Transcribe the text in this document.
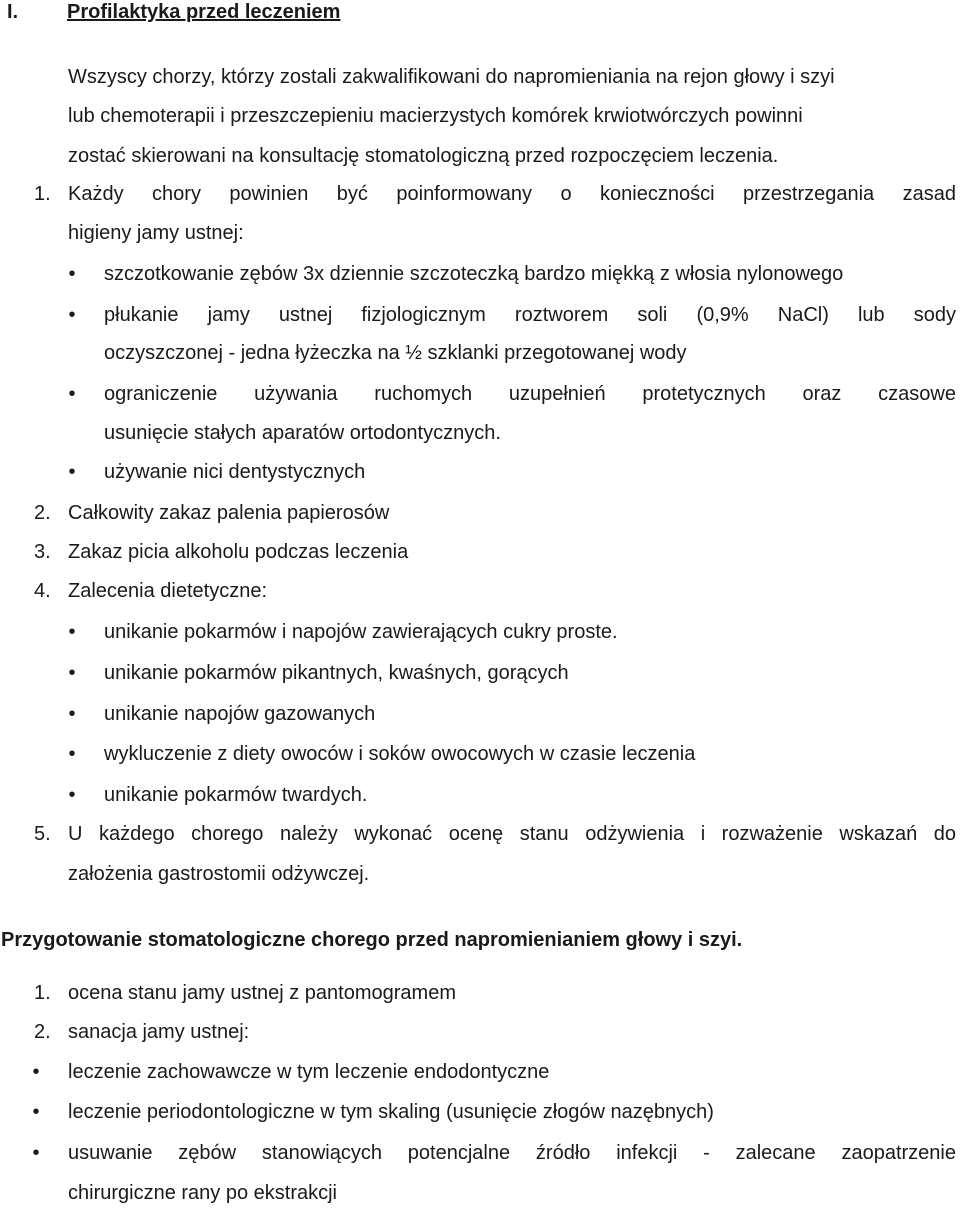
I. Profilaktyka przed leczeniem
Wszyscy chorzy, którzy zostali zakwalifikowani do napromieniania na rejon głowy i szyi
lub chemoterapii i przeszczepieniu macierzystych komórek krwiotwórczych powinni
zostać skierowani na konsultację stomatologiczną przed rozpoczęciem leczenia.
1. Każdy chory powinien być poinformowany o konieczności przestrzegania zasad
higieny jamy ustnej:
• szczotkowanie zębów 3x dziennie szczoteczką bardzo miękką z włosia nylonowego
• płukanie jamy ustnej fizjologicznym roztworem soli (0,9% NaCl) lub sody
oczyszczonej - jedna łyżeczka na ½ szklanki przegotowanej wody
• ograniczenie używania ruchomych uzupełnień protetycznych oraz czasowe
usunięcie stałych aparatów ortodontycznych.
• używanie nici dentystycznych
2. Całkowity zakaz palenia papierosów
3. Zakaz picia alkoholu podczas leczenia
4. Zalecenia dietetyczne:
• unikanie pokarmów i napojów zawierających cukry proste.
• unikanie pokarmów pikantnych, kwaśnych, gorących
• unikanie napojów gazowanych
• wykluczenie z diety owoców i soków owocowych w czasie leczenia
• unikanie pokarmów twardych.
5. U każdego chorego należy wykonać ocenę stanu odżywienia i rozważenie wskazań do
założenia gastrostomii odżywczej.
Przygotowanie stomatologiczne chorego przed napromienianiem głowy i szyi.
1. ocena stanu jamy ustnej z pantomogramem
2. sanacja jamy ustnej:
• leczenie zachowawcze w tym leczenie endodontyczne
• leczenie periodontologiczne w tym skaling (usunięcie złogów nazębnych)
• usuwanie zębów stanowiących potencjalne źródło infekcji - zalecane zaopatrzenie
chirurgiczne rany po ekstrakcji
